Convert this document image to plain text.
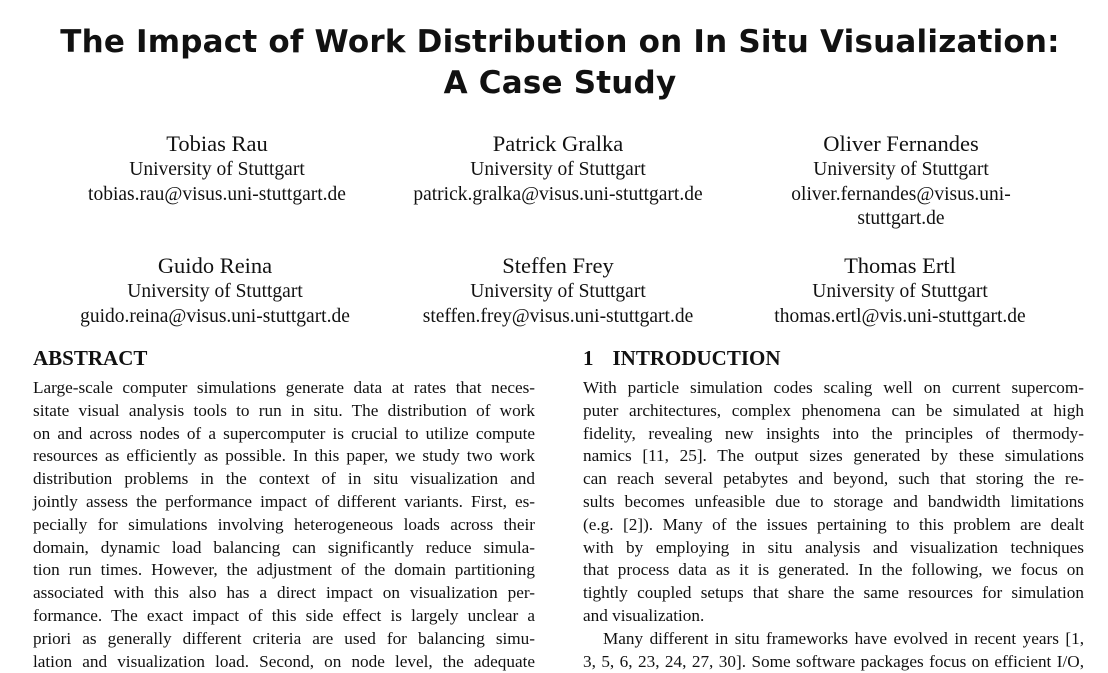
The Impact of Work Distribution on In Situ Visualization:
A Case Study
Tobias Rau
University of Stuttgart
tobias.rau@visus.uni-stuttgart.de
Patrick Gralka
University of Stuttgart
patrick.gralka@visus.uni-stuttgart.de
Oliver Fernandes
University of Stuttgart
oliver.fernandes@visus.uni-
stuttgart.de
Guido Reina
University of Stuttgart
guido.reina@visus.uni-stuttgart.de
Steffen Frey
University of Stuttgart
steffen.frey@visus.uni-stuttgart.de
Thomas Ertl
University of Stuttgart
thomas.ertl@vis.uni-stuttgart.de
ABSTRACT
Large-scale computer simulations generate data at rates that neces-
sitate visual analysis tools to run in situ. The distribution of work
on and across nodes of a supercomputer is crucial to utilize compute
resources as efficiently as possible. In this paper, we study two work
distribution problems in the context of in situ visualization and
jointly assess the performance impact of different variants. First, es-
pecially for simulations involving heterogeneous loads across their
domain, dynamic load balancing can significantly reduce simula-
tion run times. However, the adjustment of the domain partitioning
associated with this also has a direct impact on visualization per-
formance. The exact impact of this side effect is largely unclear a
priori as generally different criteria are used for balancing simu-
lation and visualization load. Second, on node level, the adequate
1 INTRODUCTION
With particle simulation codes scaling well on current supercom-
puter architectures, complex phenomena can be simulated at high
fidelity, revealing new insights into the principles of thermody-
namics [11, 25]. The output sizes generated by these simulations
can reach several petabytes and beyond, such that storing the re-
sults becomes unfeasible due to storage and bandwidth limitations
(e.g. [2]). Many of the issues pertaining to this problem are dealt
with by employing in situ analysis and visualization techniques
that process data as it is generated. In the following, we focus on
tightly coupled setups that share the same resources for simulation
and visualization.
Many different in situ frameworks have evolved in recent years [1,
3, 5, 6, 23, 24, 27, 30]. Some software packages focus on efficient I/O,
